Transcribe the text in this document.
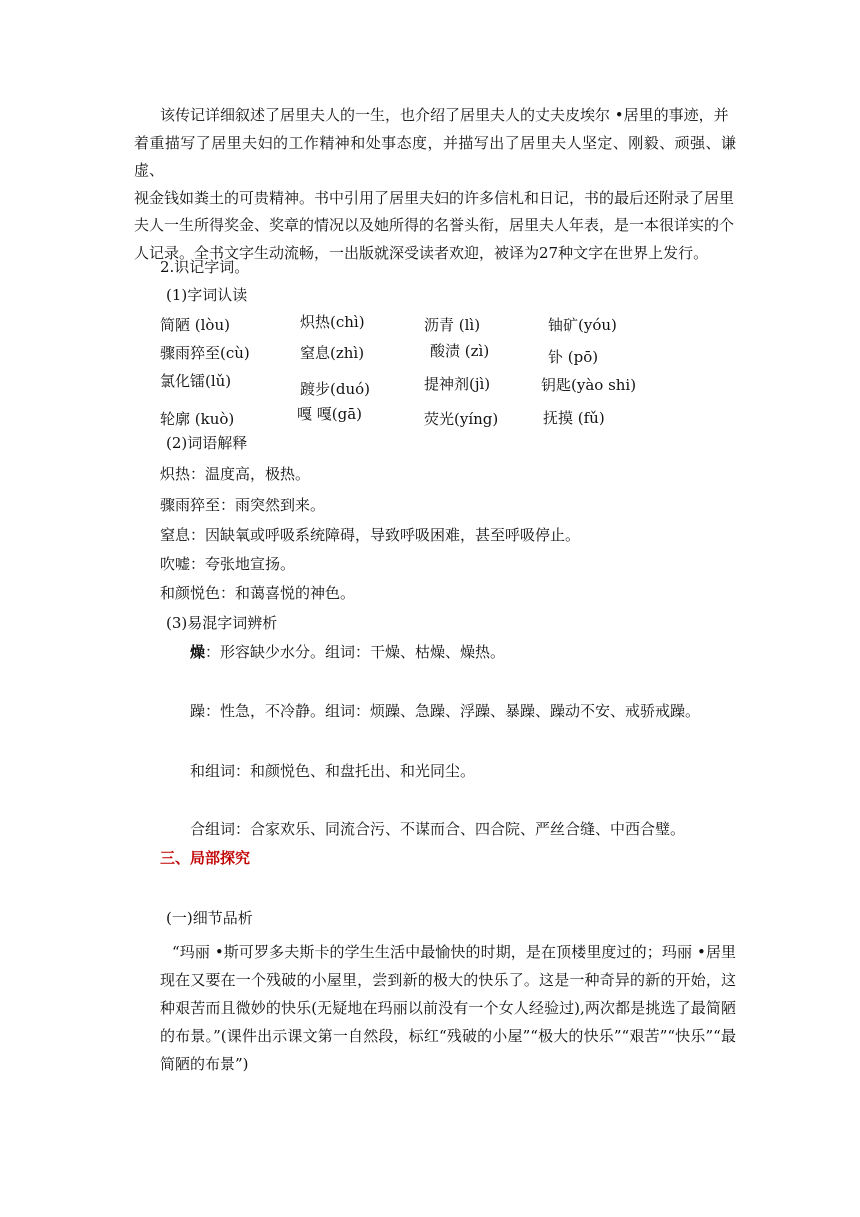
该传记详细叙述了居里夫人的一生，也介绍了居里夫人的丈夫皮埃尔 •居里的事迹，并

着重描写了居里夫妇的工作精神和处事态度，并描写出了居里夫人坚定、刚毅、顽强、谦虚、

视金钱如粪土的可贵精神。书中引用了居里夫妇的许多信札和日记，书的最后还附录了居里

夫人一生所得奖金、奖章的情况以及她所得的名誉头衔，居里夫人年表，是一本很详实的个

人记录。全书文字生动流畅，一出版就深受读者欢迎，被译为27种文字在世界上发行。

2.识记字词。
(1)字词认读
简陋 (lòu)	炽热(chì)	沥青 (lì)	铀矿(yóu)
骤雨猝至(cù)	窒息(zhì)	酸渍 (zì)	钋 (pō)
氯化镭(lǔ)	踱步(duó)	提神剂(jì)	钥匙(yào shi)
轮廓 (kuò)	嘎 嘎(gā)	荧光(yíng)	抚摸 (fǔ)
(2)词语解释
炽热：温度高，极热。
骤雨猝至：雨突然到来。
窒息：因缺氧或呼吸系统障碍，导致呼吸困难，甚至呼吸停止。
吹嘘：夸张地宣扬。
和颜悦色：和蔼喜悦的神色。
(3)易混字词辨析
燥：形容缺少水分。组词：干燥、枯燥、燥热。
躁：性急，不冷静。组词：烦躁、急躁、浮躁、暴躁、躁动不安、戒骄戒躁。
和组词：和颜悦色、和盘托出、和光同尘。
合组词：合家欢乐、同流合污、不谋而合、四合院、严丝合缝、中西合璧。
三、局部探究
(一)细节品析

“玛丽 •斯可罗多夫斯卡的学生生活中最愉快的时期，是在顶楼里度过的；玛丽 •居里现在又要在一个残破的小屋里，尝到新的极大的快乐了。这是一种奇异的新的开始，这种艰苦而且微妙的快乐(无疑地在玛丽以前没有一个女人经验过),两次都是挑选了最简陋的布景。”(课件出示课文第一自然段，标红“残破的小屋”“极大的快乐”“艰苦”“快乐”“最简陋的布景”)
